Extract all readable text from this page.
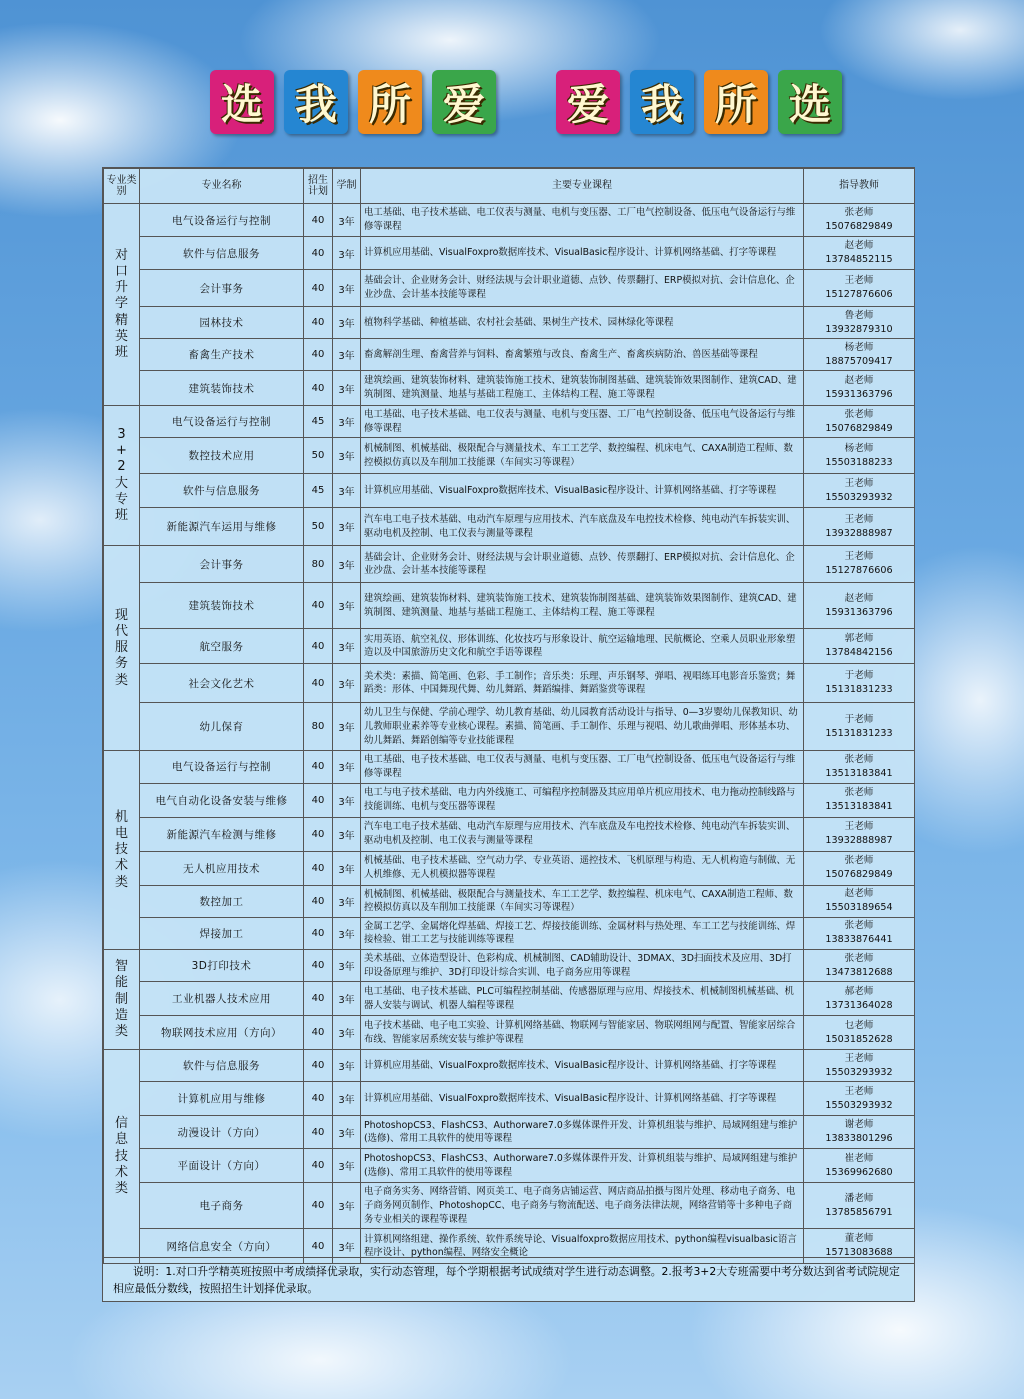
选 我 所 爱 爱 我 所 选
专业类别	专业名称	招生计划	学制	主要专业课程	指导教师
对口升学精英班	电气设备运行与控制	40	3年	电工基础、电子技术基础、电工仪表与测量、电机与变压器、工厂电气控制设备、低压电气设备运行与维修等课程	张老师
15076829849

	软件与信息服务	40	3年	计算机应用基础、VisualFoxpro数据库技术、VisualBasic程序设计、计算机网络基础、打字等课程	赵老师
13784852115

	会计事务	40	3年	基础会计、企业财务会计、财经法规与会计职业道德、点钞、传票翻打、ERP模拟对抗、会计信息化、企业沙盘、会计基本技能等课程	王老师
15127876606

	园林技术	40	3年	植物科学基础、种植基础、农村社会基础、果树生产技术、园林绿化等课程	鲁老师
13932879310

	畜禽生产技术	40	3年	畜禽解剖生理、畜禽营养与饲料、畜禽繁殖与改良、畜禽生产、畜禽疾病防治、兽医基础等课程	杨老师
18875709417

	建筑装饰技术	40	3年	建筑绘画、建筑装饰材料、建筑装饰施工技术、建筑装饰制图基础、建筑装饰效果图制作、建筑CAD、建筑制图、建筑测量、地基与基础工程施工、主体结构工程、施工等课程	赵老师
15931363796

3+2大专班	电气设备运行与控制	45	3年	电工基础、电子技术基础、电工仪表与测量、电机与变压器、工厂电气控制设备、低压电气设备运行与维修等课程	张老师
15076829849

	数控技术应用	50	3年	机械制图、机械基础、极限配合与测量技术、车工工艺学、数控编程、机床电气、CAXA制造工程师、数控模拟仿真以及车削加工技能课（车间实习等课程）	杨老师
15503188233

	软件与信息服务	45	3年	计算机应用基础、VisualFoxpro数据库技术、VisualBasic程序设计、计算机网络基础、打字等课程	王老师
15503293932

	新能源汽车运用与维修	50	3年	汽车电工电子技术基础、电动汽车原理与应用技术、汽车底盘及车电控技术检修、纯电动汽车拆装实训、驱动电机及控制、电工仪表与测量等课程	王老师
13932888987

现代服务类	会计事务	80	3年	基础会计、企业财务会计、财经法规与会计职业道德、点钞、传票翻打、ERP模拟对抗、会计信息化、企业沙盘、会计基本技能等课程	王老师
15127876606

	建筑装饰技术	40	3年	建筑绘画、建筑装饰材料、建筑装饰施工技术、建筑装饰制图基础、建筑装饰效果图制作、建筑CAD、建筑制图、建筑测量、地基与基础工程施工、主体结构工程、施工等课程	赵老师
15931363796

	航空服务	40	3年	实用英语、航空礼仪、形体训练、化妆技巧与形象设计、航空运输地理、民航概论、空乘人员职业形象塑造以及中国旅游历史文化和航空手语等课程	郭老师
13784842156

	社会文化艺术	40	3年	美术类：素描、简笔画、色彩、手工制作；音乐类：乐理、声乐钢琴、弹唱、视唱练耳电影音乐鉴赏；舞蹈类：形体、中国舞现代舞、幼儿舞蹈、舞蹈编排、舞蹈鉴赏等课程	于老师
15131831233

	幼儿保育	80	3年	幼儿卫生与保健、学前心理学、幼儿教育基础、幼儿园教育活动设计与指导、0—3岁婴幼儿保教知识、幼儿教师职业素养等专业核心课程。素描、简笔画、手工制作、乐理与视唱、幼儿歌曲弹唱、形体基本功、幼儿舞蹈、舞蹈创编等专业技能课程	于老师
15131831233

机电技术类	电气设备运行与控制	40	3年	电工基础、电子技术基础、电工仪表与测量、电机与变压器、工厂电气控制设备、低压电气设备运行与维修等课程	张老师
13513183841

	电气自动化设备安装与维修	40	3年	电工与电子技术基础、电力内外线施工、可编程序控制器及其应用单片机应用技术、电力拖动控制线路与技能训练、电机与变压器等课程	张老师
13513183841

	新能源汽车检测与维修	40	3年	汽车电工电子技术基础、电动汽车原理与应用技术、汽车底盘及车电控技术检修、纯电动汽车拆装实训、驱动电机及控制、电工仪表与测量等课程	王老师
13932888987

	无人机应用技术	40	3年	机械基础、电子技术基础、空气动力学、专业英语、遥控技术、飞机原理与构造、无人机构造与制做、无人机维修、无人机模拟器等课程	张老师
15076829849

	数控加工	40	3年	机械制图、机械基础、极限配合与测量技术、车工工艺学、数控编程、机床电气、CAXA制造工程师、数控模拟仿真以及车削加工技能课（车间实习等课程）	赵老师
15503189654

	焊接加工	40	3年	金属工艺学、金属熔化焊基础、焊接工艺、焊接技能训练、金属材料与热处理、车工工艺与技能训练、焊接检验、钳工工艺与技能训练等课程	张老师
13833876441

智能制造类	3D打印技术	40	3年	美术基础、立体造型设计、色彩构成、机械制图、CAD辅助设计、3DMAX、3D扫面技术及应用、3D打印设备原理与维护、3D打印设计综合实训、电子商务应用等课程	张老师
13473812688

	工业机器人技术应用	40	3年	电工基础、电子技术基础、PLC可编程控制基础、传感器原理与应用、焊接技术、机械制图机械基础、机器人安装与调试、机器人编程等课程	郝老师
13731364028

	物联网技术应用（方向）	40	3年	电子技术基础、电子电工实验、计算机网络基础、物联网与智能家居、物联网组网与配置、智能家居综合布线、智能家居系统安装与维护等课程	乜老师
15031852628

信息技术类	软件与信息服务	40	3年	计算机应用基础、VisualFoxpro数据库技术、VisualBasic程序设计、计算机网络基础、打字等课程	王老师
15503293932

	计算机应用与维修	40	3年	计算机应用基础、VisualFoxpro数据库技术、VisualBasic程序设计、计算机网络基础、打字等课程	王老师
15503293932

	动漫设计（方向）	40	3年	PhotoshopCS3、FlashCS3、Authorware7.0多媒体课件开发、计算机组装与维护、局域网组建与维护(选修)、常用工具软件的使用等课程	谢老师
13833801296

	平面设计（方向）	40	3年	PhotoshopCS3、FlashCS3、Authorware7.0多媒体课件开发、计算机组装与维护、局域网组建与维护(选修)、常用工具软件的使用等课程	崔老师
15369962680

	电子商务	40	3年	电子商务实务、网络营销、网页美工、电子商务店铺运营、网店商品拍摄与图片处理、移动电子商务、电子商务网页制作、PhotoshopCC、电子商务与物流配送、电子商务法律法规，网络营销等十多种电子商务专业相关的课程等课程	潘老师
13785856791

	网络信息安全（方向）	40	3年	计算机网络组建、操作系统、软件系统导论、Visualfoxpro数据应用技术、python编程visualbasic语言程序设计、python编程、网络安全概论	董老师
15713083688
说明：1.对口升学精英班按照中考成绩择优录取，实行动态管理，每个学期根据考试成绩对学生进行动态调整。2.报考3+2大专班需要中考分数达到省考试院规定相应最低分数线，按照招生计划择优录取。
